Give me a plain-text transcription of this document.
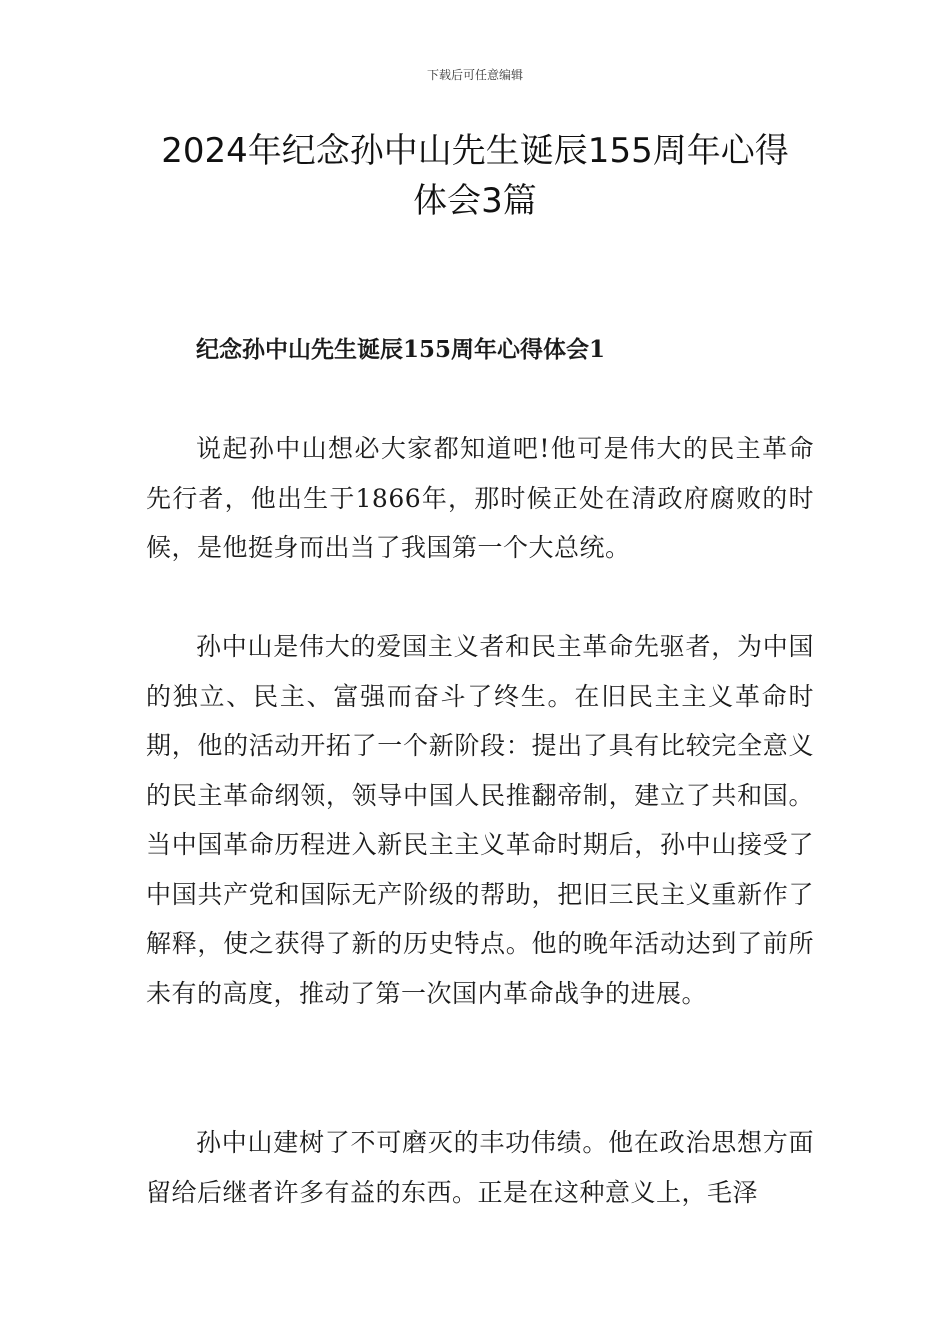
下载后可任意编辑
2024年纪念孙中山先生诞辰155周年心得
体会3篇
纪念孙中山先生诞辰155周年心得体会1

说起孙中山想必大家都知道吧!他可是伟大的民主革命先行者，他出生于1866年，那时候正处在清政府腐败的时候，是他挺身而出当了我国第一个大总统。

孙中山是伟大的爱国主义者和民主革命先驱者，为中国的独立、民主、富强而奋斗了终生。在旧民主主义革命时期，他的活动开拓了一个新阶段：提出了具有比较完全意义的民主革命纲领，领导中国人民推翻帝制，建立了共和国。当中国革命历程进入新民主主义革命时期后，孙中山接受了中国共产党和国际无产阶级的帮助，把旧三民主义重新作了解释，使之获得了新的历史特点。他的晚年活动达到了前所未有的高度，推动了第一次国内革命战争的进展。

孙中山建树了不可磨灭的丰功伟绩。他在政治思想方面留给后继者许多有益的东西。正是在这种意义上，毛泽
